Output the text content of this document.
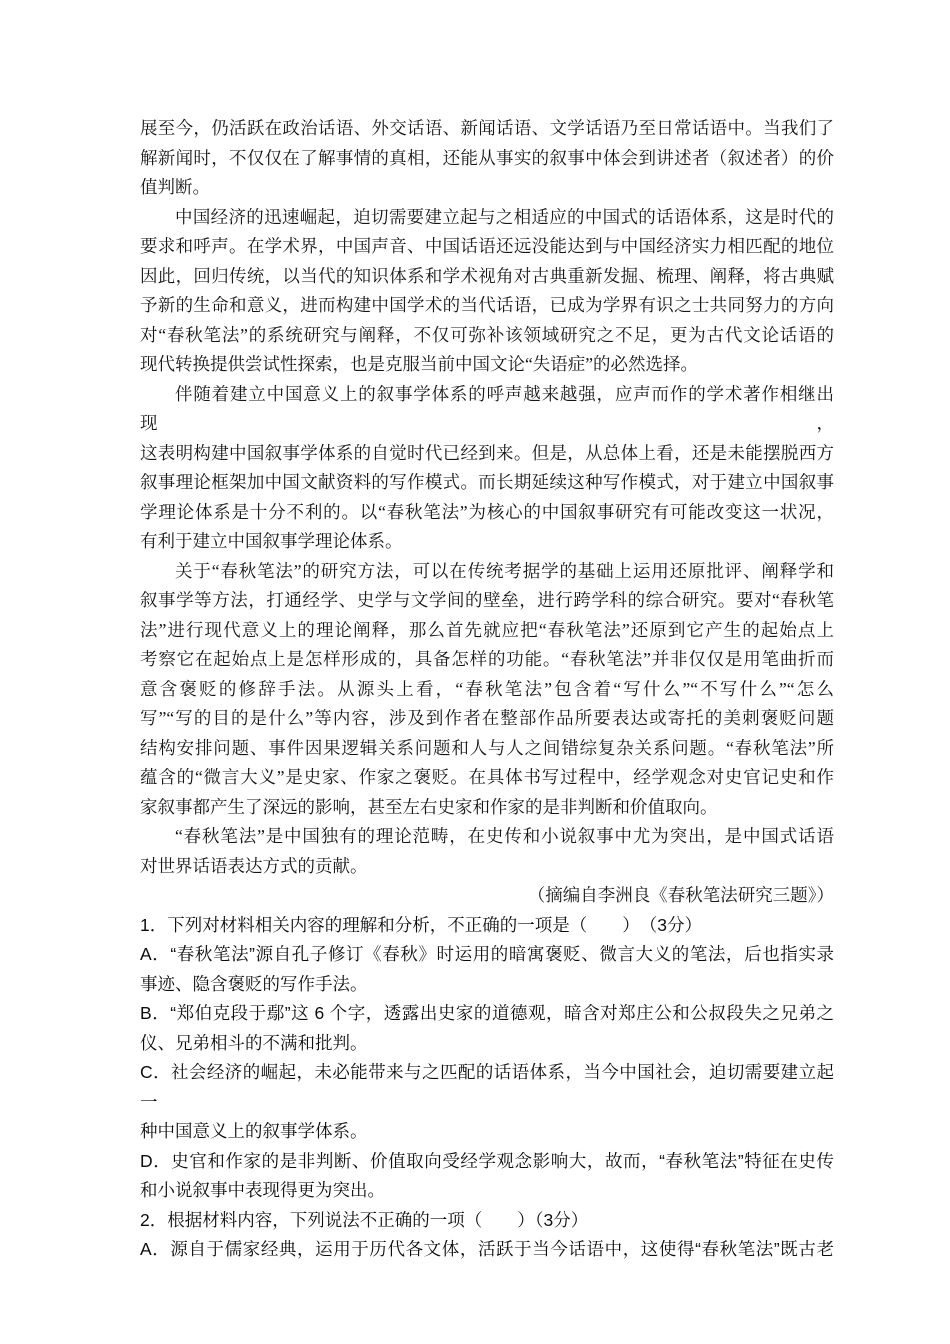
展至今，仍活跃在政治话语、外交话语、新闻话语、文学话语乃至日常话语中。当我们了
解新闻时，不仅仅在了解事情的真相，还能从事实的叙事中体会到讲述者（叙述者）的价
值判断。
中国经济的迅速崛起，迫切需要建立起与之相适应的中国式的话语体系，这是时代的
要求和呼声。在学术界，中国声音、中国话语还远没能达到与中国经济实力相匹配的地位
因此，回归传统，以当代的知识体系和学术视角对古典重新发掘、梳理、阐释，将古典赋
予新的生命和意义，进而构建中国学术的当代话语，已成为学界有识之士共同努力的方向
对“春秋笔法”的系统研究与阐释，不仅可弥补该领域研究之不足，更为古代文论话语的
现代转换提供尝试性探索，也是克服当前中国文论“失语症”的必然选择。
伴随着建立中国意义上的叙事学体系的呼声越来越强，应声而作的学术著作相继出现，
这表明构建中国叙事学体系的自觉时代已经到来。但是，从总体上看，还是未能摆脱西方
叙事理论框架加中国文献资料的写作模式。而长期延续这种写作模式，对于建立中国叙事
学理论体系是十分不利的。以“春秋笔法”为核心的中国叙事研究有可能改变这一状况，
有利于建立中国叙事学理论体系。
关于“春秋笔法”的研究方法，可以在传统考据学的基础上运用还原批评、阐释学和
叙事学等方法，打通经学、史学与文学间的壁垒，进行跨学科的综合研究。要对“春秋笔
法”进行现代意义上的理论阐释，那么首先就应把“春秋笔法”还原到它产生的起始点上
考察它在起始点上是怎样形成的，具备怎样的功能。“春秋笔法”并非仅仅是用笔曲折而
意含褒贬的修辞手法。从源头上看，“春秋笔法”包含着“写什么”“不写什么”“怎么
写”“写的目的是什么”等内容，涉及到作者在整部作品所要表达或寄托的美刺褒贬问题
结构安排问题、事件因果逻辑关系问题和人与人之间错综复杂关系问题。“春秋笔法”所
蕴含的“微言大义”是史家、作家之褒贬。在具体书写过程中，经学观念对史官记史和作
家叙事都产生了深远的影响，甚至左右史家和作家的是非判断和价值取向。
“春秋笔法”是中国独有的理论范畴，在史传和小说叙事中尤为突出，是中国式话语
对世界话语表达方式的贡献。
（摘编自李洲良《春秋笔法研究三题》）
1．下列对材料相关内容的理解和分析，不正确的一项是（　　）　（3分）
A．“春秋笔法”源自孔子修订《春秋》时运用的暗寓褒贬、微言大义的笔法，后也指实录
事迹、隐含褒贬的写作手法。
B．“郑伯克段于鄢”这 6 个字，透露出史家的道德观，暗含对郑庄公和公叔段失之兄弟之
仪、兄弟相斗的不满和批判。
C．社会经济的崛起，未必能带来与之匹配的话语体系，当今中国社会，迫切需要建立起一
种中国意义上的叙事学体系。
D．史官和作家的是非判断、价值取向受经学观念影响大，故而，“春秋笔法”特征在史传
和小说叙事中表现得更为突出。
2．根据材料内容，下列说法不正确的一项（　　）（3分）
A．源自于儒家经典，运用于历代各文体，活跃于当今话语中，这使得“春秋笔法”既古老
